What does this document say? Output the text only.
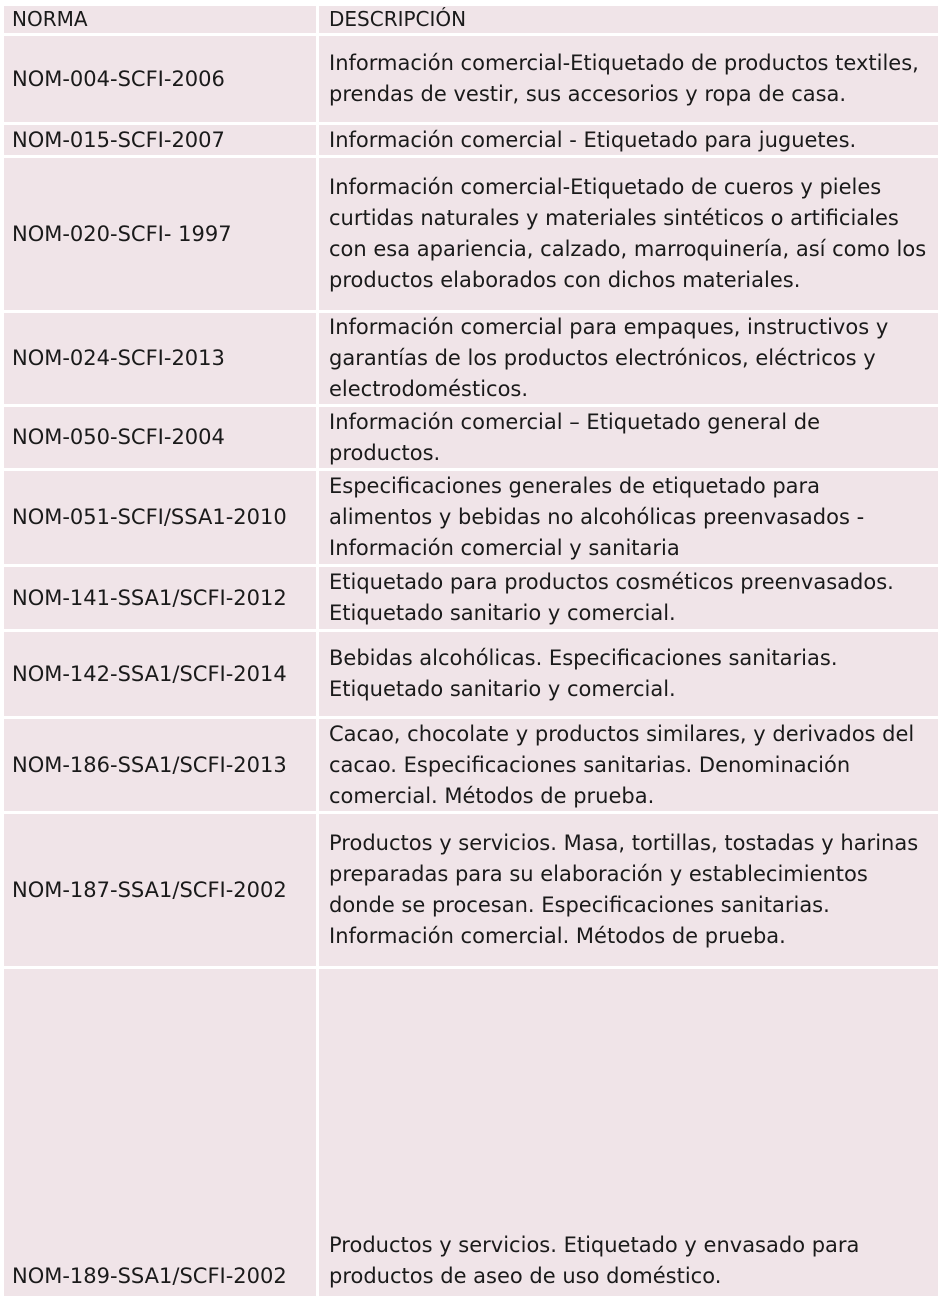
NORMA	DESCRIPCIÓN
NOM-004-SCFI-2006
Información comercial-Etiquetado de productos textiles, prendas de vestir, sus accesorios y ropa de casa.
NOM-015-SCFI-2007	Información comercial - Etiquetado para juguetes.
NOM-020-SCFI- 1997
Información comercial-Etiquetado de cueros y pieles curtidas naturales y materiales sintéticos o artificiales con esa apariencia, calzado, marroquinería, así como los productos elaborados con dichos materiales.
NOM-024-SCFI-2013
Información comercial para empaques, instructivos y garantías de los productos electrónicos, eléctricos y electrodomésticos.
NOM-050-SCFI-2004
Información comercial – Etiquetado general de productos.
NOM-051-SCFI/SSA1-2010
Especificaciones generales de etiquetado para alimentos y bebidas no alcohólicas preenvasados - Información comercial y sanitaria
NOM-141-SSA1/SCFI-2012
Etiquetado para productos cosméticos preenvasados. Etiquetado sanitario y comercial.
NOM-142-SSA1/SCFI-2014
Bebidas alcohólicas. Especificaciones sanitarias. Etiquetado sanitario y comercial.
NOM-186-SSA1/SCFI-2013
Cacao, chocolate y productos similares, y derivados del cacao. Especificaciones sanitarias. Denominación comercial. Métodos de prueba.
NOM-187-SSA1/SCFI-2002
Productos y servicios. Masa, tortillas, tostadas y harinas preparadas para su elaboración y establecimientos donde se procesan. Especificaciones sanitarias. Información comercial. Métodos de prueba.
NOM-189-SSA1/SCFI-2002
Productos y servicios. Etiquetado y envasado para productos de aseo de uso doméstico.
